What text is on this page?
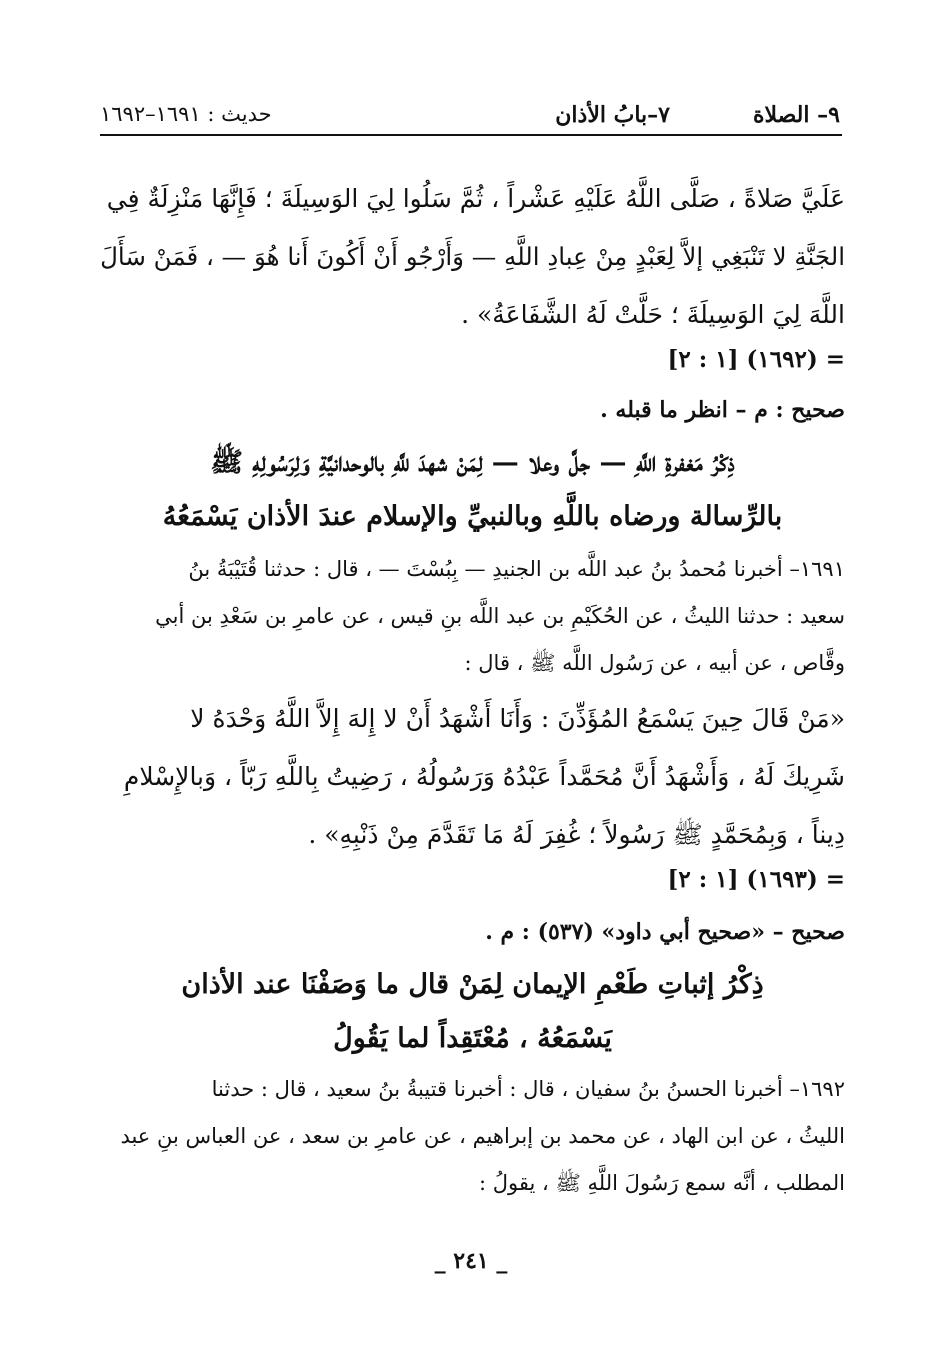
٩– الصلاة
٧–بابُ الأذان
حديث : ١٦٩١–١٦٩٢
عَلَيَّ صَلاةً ، صَلَّى اللَّهُ عَلَيْهِ عَشْراً ، ثُمَّ سَلُوا لِيَ الوَسِيلَةَ ؛ فَإِنَّهَا مَنْزِلَةٌ فِي
الجَنَّةِ لا تَنْبَغِي إلاَّ لِعَبْدٍ مِنْ عِبادِ اللَّهِ — وَأَرْجُو أَنْ أَكُونَ أَنا هُوَ — ، فَمَنْ سَأَلَ
اللَّهَ لِيَ الوَسِيلَةَ ؛ حَلَّتْ لَهُ الشَّفَاعَةُ» .
= (١٦٩٢) [١ : ٢]
صحيح : م – انظر ما قبله .
ذِكْرُ مَغفرةِ اللَّهِ — جلَّ وعلا — لِمَنْ شهدَ للَّهِ بالوحدانيَّةِ وَلِرَسُولِهِ ﷺ
بالرِّسالة ورضاه باللَّهِ وبالنبيِّ والإسلام عندَ الأذان يَسْمَعُهُ
١٦٩١– أخبرنا مُحمدُ بنُ عبد اللَّه بن الجنيدِ — بِبُسْتَ — ، قال : حدثنا قُتَيْبَةُ بنُ
سعيد : حدثنا الليثُ ، عن الحُكَيْمِ بن عبد اللَّه بنِ قيس ، عن عامرِ بن سَعْدِ بن أبي
وقَّاص ، عن أبيه ، عن رَسُول اللَّه ﷺ ، قال :
«مَنْ قَالَ حِينَ يَسْمَعُ المُؤَذِّنَ : وَأَنَا أَشْهَدُ أَنْ لا إِلهَ إِلاَّ اللَّهُ وَحْدَهُ لا
شَرِيكَ لَهُ ، وَأَشْهَدُ أَنَّ مُحَمَّداً عَبْدُهُ وَرَسُولُهُ ، رَضِيتُ بِاللَّهِ رَبّاً ، وَبالإِسْلامِ
دِيناً ، وَبِمُحَمَّدٍ ﷺ رَسُولاً ؛ غُفِرَ لَهُ مَا تَقَدَّمَ مِنْ ذَنْبِهِ» .
= (١٦٩٣) [١ : ٢]
صحيح – «صحيح أبي داود» (٥٣٧) : م .
ذِكْرُ إثباتِ طَعْمِ الإيمان لِمَنْ قال ما وَصَفْنَا عند الأذان
يَسْمَعُهُ ، مُعْتَقِداً لما يَقُولُ
١٦٩٢– أخبرنا الحسنُ بنُ سفيان ، قال : أخبرنا قتيبةُ بنُ سعيد ، قال : حدثنا
الليثُ ، عن ابن الهاد ، عن محمد بن إبراهيم ، عن عامرِ بن سعد ، عن العباس بنِ عبد
المطلب ، أنَّه سمع رَسُولَ اللَّهِ ﷺ ، يقولُ :
_ ٢٤١ _
